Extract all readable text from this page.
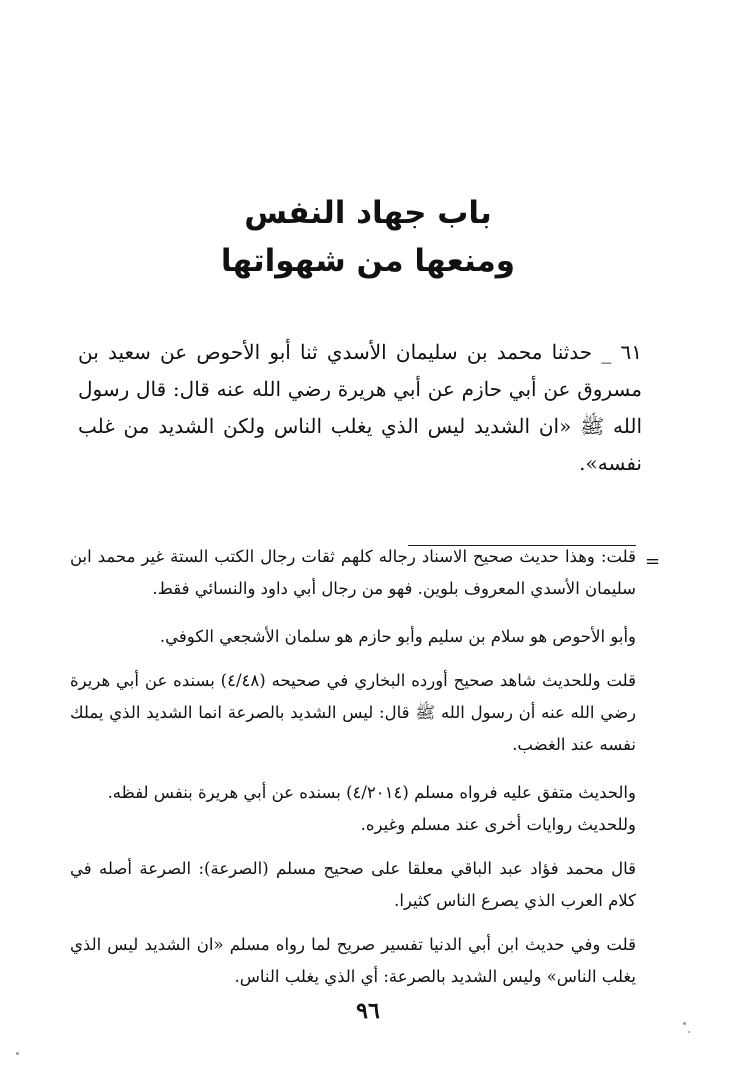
باب جهاد النفس
ومنعها من شهواتها
٦١ _ حدثنا محمد بن سليمان الأسدي ثنا أبو الأحوص عن سعيد بن مسروق عن أبي حازم عن أبي هريرة رضي الله عنه قال: قال رسول الله ﷺ «ان الشديد ليس الذي يغلب الناس ولكن الشديد من غلب نفسه».
=

قلت: وهذا حديث صحيح الاسناد رجاله كلهم ثقات رجال الكتب الستة غير محمد ابن سليمان الأسدي المعروف بلوين. فهو من رجال أبي داود والنسائي فقط.

وأبو الأحوص هو سلام بن سليم وأبو حازم هو سلمان الأشجعي الكوفي.

قلت وللحديث شاهد صحيح أورده البخاري في صحيحه (٤/٤٨) بسنده عن أبي هريرة رضي الله عنه أن رسول الله ﷺ قال: ليس الشديد بالصرعة انما الشديد الذي يملك نفسه عند الغضب.

والحديث متفق عليه فرواه مسلم (٤/٢٠١٤) بسنده عن أبي هريرة بنفس لفظه.

وللحديث روايات أخرى عند مسلم وغيره.

قال محمد فؤاد عبد الباقي معلقا على صحيح مسلم (الصرعة): الصرعة أصله في كلام العرب الذي يصرع الناس كثيرا.

قلت وفي حديث ابن أبي الدنيا تفسير صريح لما رواه مسلم «ان الشديد ليس الذي يغلب الناس» وليس الشديد بالصرعة: أي الذي يغلب الناس.

٩٦
